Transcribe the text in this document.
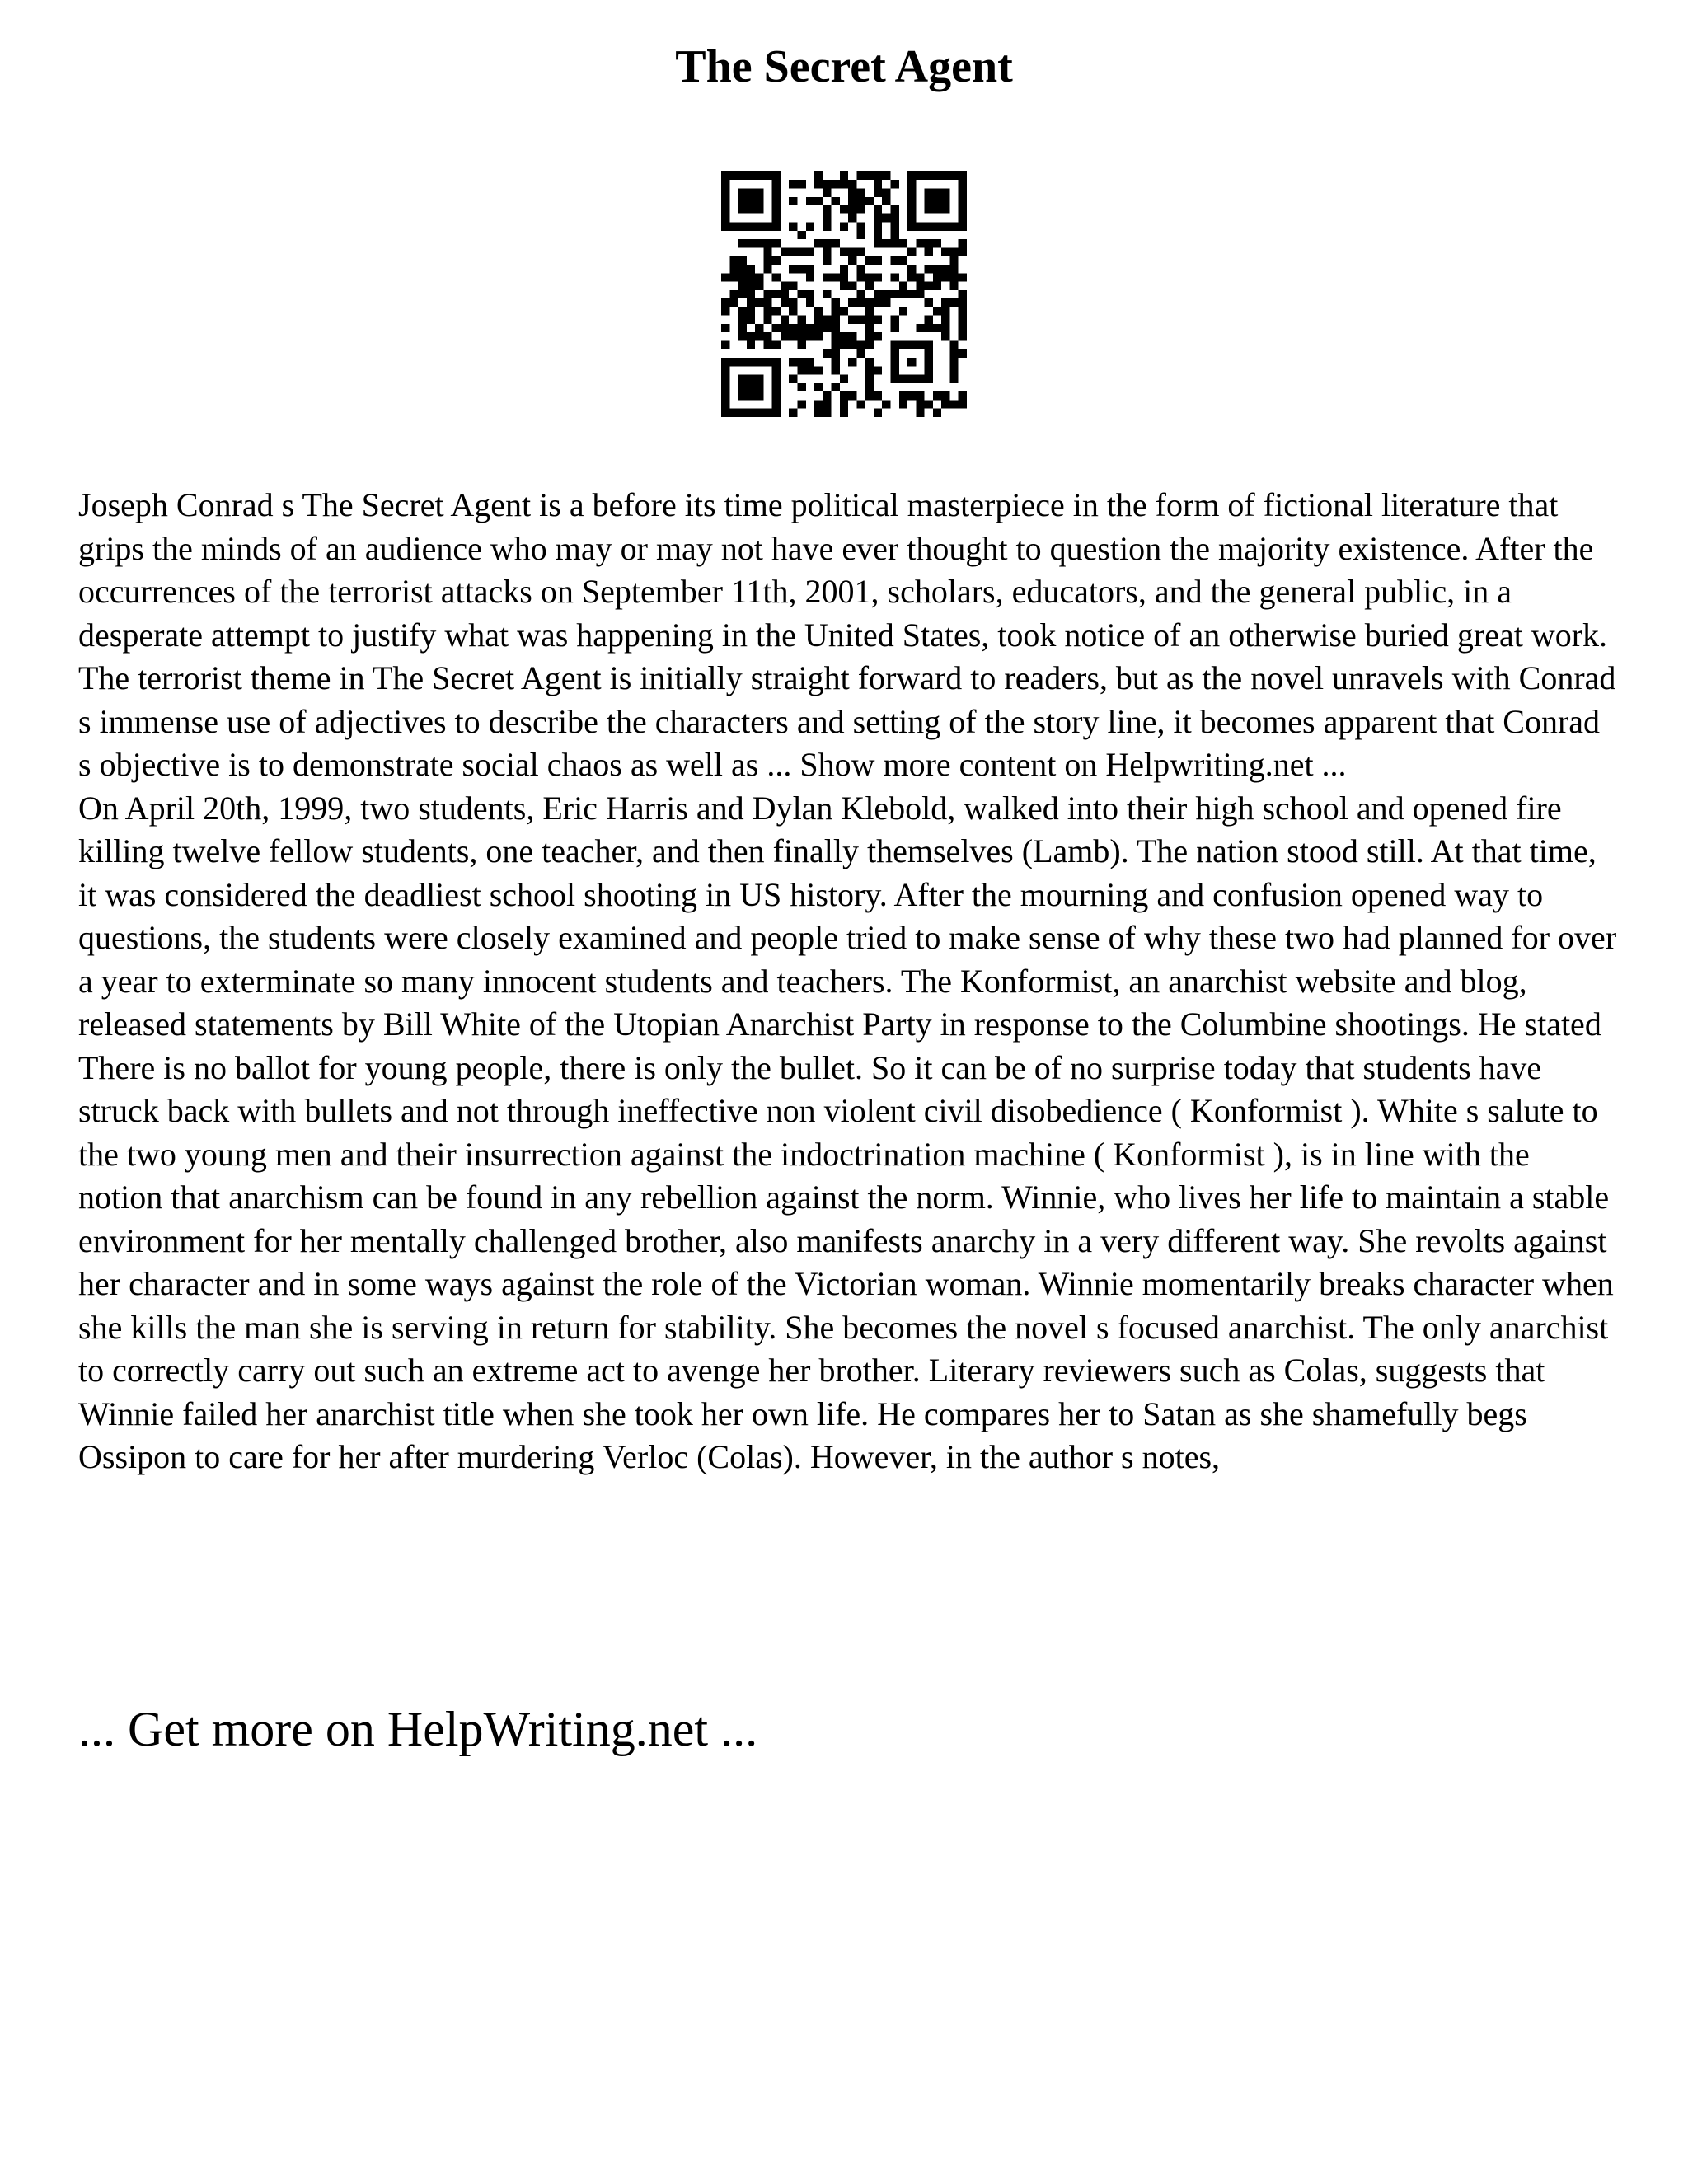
The Secret Agent

Joseph Conrad s The Secret Agent is a before its time political masterpiece in the form of fictional literature that grips the minds of an audience who may or may not have ever thought to question the majority existence. After the occurrences of the terrorist attacks on September 11th, 2001, scholars, educators, and the general public, in a desperate attempt to justify what was happening in the United States, took notice of an otherwise buried great work. The terrorist theme in The Secret Agent is initially straight forward to readers, but as the novel unravels with Conrad s immense use of adjectives to describe the characters and setting of the story line, it becomes apparent that Conrad s objective is to demonstrate social chaos as well as ... Show more content on Helpwriting.net ...

On April 20th, 1999, two students, Eric Harris and Dylan Klebold, walked into their high school and opened fire killing twelve fellow students, one teacher, and then finally themselves (Lamb). The nation stood still. At that time, it was considered the deadliest school shooting in US history. After the mourning and confusion opened way to questions, the students were closely examined and people tried to make sense of why these two had planned for over a year to exterminate so many innocent students and teachers. The Konformist, an anarchist website and blog, released statements by Bill White of the Utopian Anarchist Party in response to the Columbine shootings. He stated There is no ballot for young people, there is only the bullet. So it can be of no surprise today that students have struck back with bullets and not through ineffective non violent civil disobedience ( Konformist ). White s salute to the two young men and their insurrection against the indoctrination machine ( Konformist ), is in line with the notion that anarchism can be found in any rebellion against the norm. Winnie, who lives her life to maintain a stable environment for her mentally challenged brother, also manifests anarchy in a very different way. She revolts against her character and in some ways against the role of the Victorian woman. Winnie momentarily breaks character when she kills the man she is serving in return for stability. She becomes the novel s focused anarchist. The only anarchist to correctly carry out such an extreme act to avenge her brother. Literary reviewers such as Colas, suggests that Winnie failed her anarchist title when she took her own life. He compares her to Satan as she shamefully begs Ossipon to care for her after murdering Verloc (Colas). However, in the author s notes,

... Get more on HelpWriting.net ...
